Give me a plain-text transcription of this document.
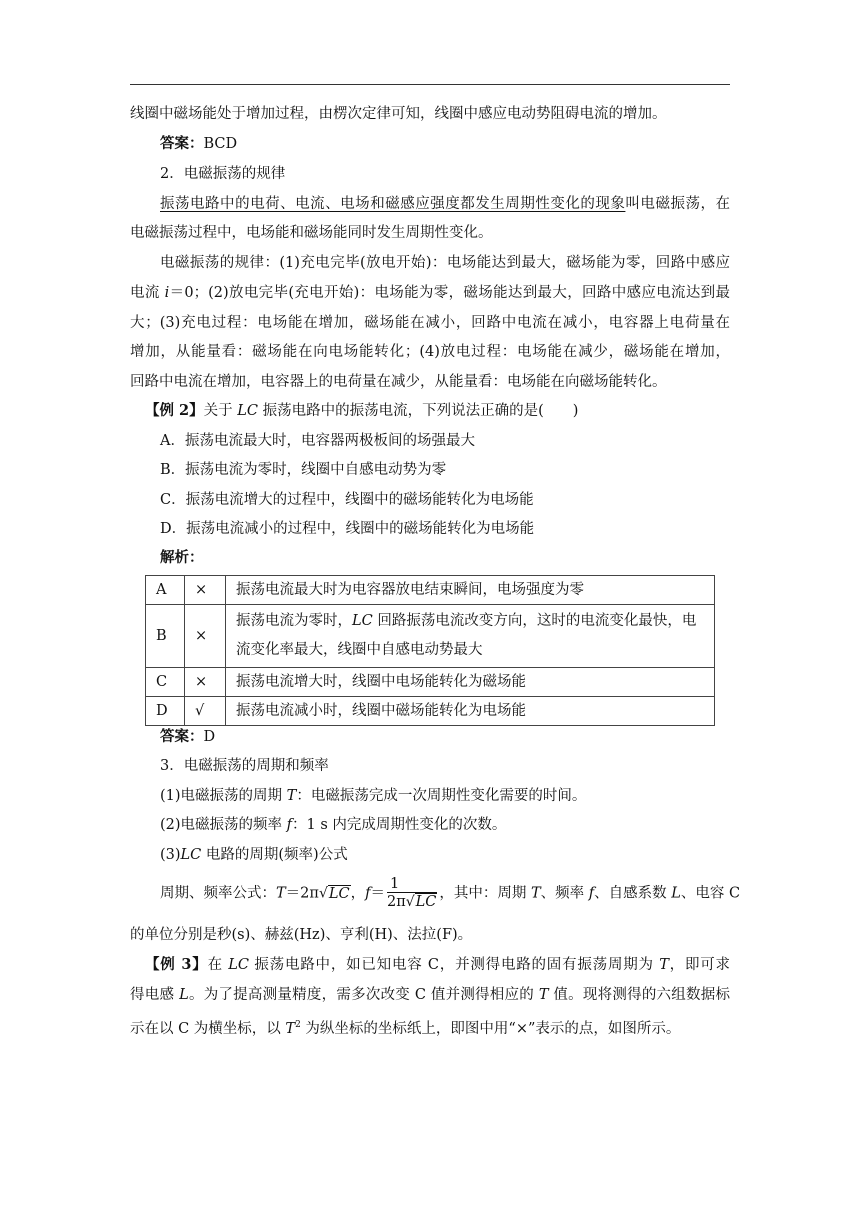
线圈中磁场能处于增加过程，由楞次定律可知，线圈中感应电动势阻碍电流的增加。
答案：BCD
2．电磁振荡的规律
振荡电路中的电荷、电流、电场和磁感应强度都发生周期性变化的现象叫电磁振荡，在
电磁振荡过程中，电场能和磁场能同时发生周期性变化。
电磁振荡的规律：(1)充电完毕(放电开始)：电场能达到最大，磁场能为零，回路中感应
电流 i＝0；(2)放电完毕(充电开始)：电场能为零，磁场能达到最大，回路中感应电流达到最
大；(3)充电过程：电场能在增加，磁场能在减小，回路中电流在减小，电容器上电荷量在
增加，从能量看：磁场能在向电场能转化；(4)放电过程：电场能在减少，磁场能在增加，
回路中电流在增加，电容器上的电荷量在减少，从能量看：电场能在向磁场能转化。
【例 2】关于 LC 振荡电路中的振荡电流，下列说法正确的是(　　)
A．振荡电流最大时，电容器两极板间的场强最大
B．振荡电流为零时，线圈中自感电动势为零
C．振荡电流增大的过程中，线圈中的磁场能转化为电场能
D．振荡电流减小的过程中，线圈中的磁场能转化为电场能
解析：
A	×	振荡电流最大时为电容器放电结束瞬间，电场强度为零
B	×	振荡电流为零时，LC 回路振荡电流改变方向，这时的电流变化最快，电
流变化率最大，线圈中自感电动势最大
C	×	振荡电流增大时，线圈中电场能转化为磁场能
D	√	振荡电流减小时，线圈中磁场能转化为电场能
答案：D
3．电磁振荡的周期和频率
(1)电磁振荡的周期 T：电磁振荡完成一次周期性变化需要的时间。
(2)电磁振荡的频率 f：1 s 内完成周期性变化的次数。
(3)LC 电路的周期(频率)公式
周期、频率公式：T＝2π√LC，$f= \frac{1}{2\pi√LC}$ ，其中：周期 T、频率 f、自感系数 L、电容 C
的单位分别是秒(s)、赫兹(Hz)、亨利(H)、法拉(F)。
【例 3】在 LC 振荡电路中，如已知电容 C，并测得电路的固有振荡周期为 T，即可求
得电感 L。为了提高测量精度，需多次改变 C 值并测得相应的 T 值。现将测得的六组数据标
示在以 C 为横坐标，以 $T^2$ 为纵坐标的坐标纸上，即图中用“×”表示的点，如图所示。
